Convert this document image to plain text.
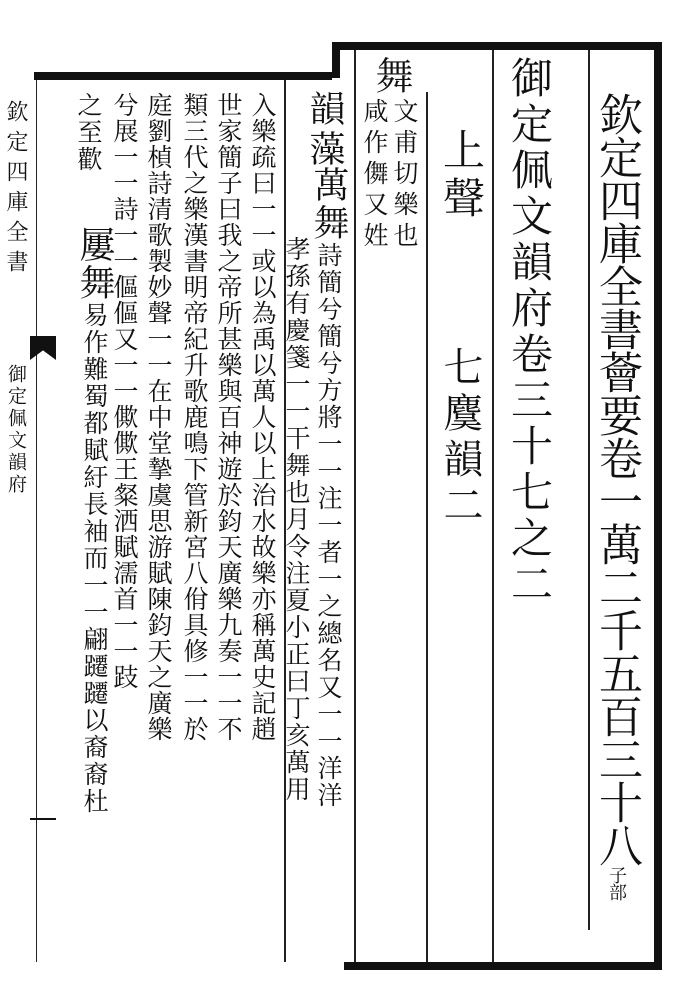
欽定四庫全書薈要卷一萬二千五百三十八子部
御定佩文韻府卷三十七之二
上聲
七麌韻二
舞
文甫切樂也
咸作儛又姓
韻藻
萬舞詩簡兮簡兮方將一一注一者一之總名又一一洋洋
孝孫有慶箋一一干舞也月令注夏小正曰丁亥萬用
入樂疏曰一一或以為禹以萬人以上治水故樂亦稱萬史記趙
世家簡子曰我之帝所甚樂與百神遊於鈞天廣樂九奏一一不
類三代之樂漢書明帝紀升歌鹿鳴下管新宮八佾具修一一於
庭劉楨詩清歌製妙聲一一在中堂摯虞思游賦陳鈞天之廣樂
兮展一一詩一一傴傴又一一僛僛王粲洒賦濡首一一跂
之至歡
屢舞易作難蜀都賦紆長袖而一一翩躚躚以裔裔杜
欽定四庫全書
御定佩文韻府
